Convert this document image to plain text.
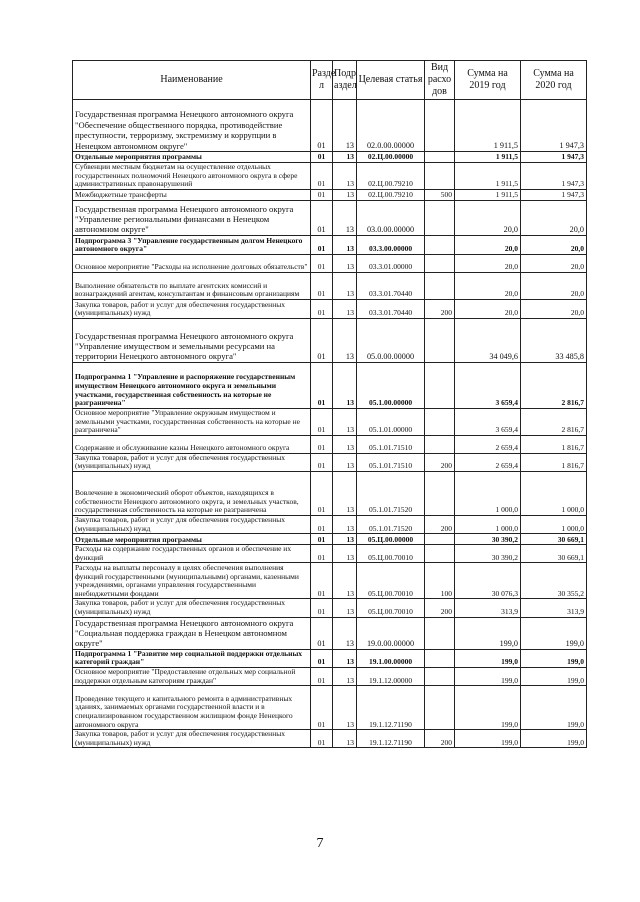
Наименование	Разде л	Подр аздел	Целевая статья	Вид расхо дов	Сумма на 2019 год	Сумма на 2020 год
Государственная программа Ненецкого автономного округа "Обеспечение общественного порядка, противодействие преступности, терроризму, экстремизму и коррупции в Ненецком автономном округе"	01	13	02.0.00.00000		1 911,5	1 947,3
Отдельные мероприятия программы	01	13	02.Ц.00.00000		1 911,5	1 947,3
Субвенции местным бюджетам на осуществление отдельных государственных полномочий Ненецкого автономного округа в сфере административных правонарушений	01	13	02.Ц.00.79210		1 911,5	1 947,3
Межбюджетные трансферты	01	13	02.Ц.00.79210	500	1 911,5	1 947,3
Государственная программа Ненецкого автономного округа "Управление региональными финансами в Ненецком автономном округе"	01	13	03.0.00.00000		20,0	20,0
Подпрограмма 3 "Управление государственным долгом Ненецкого автономного округа"	01	13	03.3.00.00000		20,0	20,0
Основное мероприятие "Расходы на исполнение долговых обязательств"	01	13	03.3.01.00000		20,0	20,0
Выполнение обязательств по выплате агентских комиссий и вознаграждений агентам, консультантам и финансовым организациям	01	13	03.3.01.70440		20,0	20,0
Закупка товаров, работ и услуг для обеспечения государственных (муниципальных) нужд	01	13	03.3.01.70440	200	20,0	20,0
Государственная программа Ненецкого автономного округа "Управление имуществом и земельными ресурсами на территории Ненецкого автономного округа"	01	13	05.0.00.00000		34 049,6	33 485,8
Подпрограмма 1 "Управление и распоряжение государственным имуществом Ненецкого автономного округа и земельными участками, государственная собственность на которые не разграничена"	01	13	05.1.00.00000		3 659,4	2 816,7
Основное мероприятие "Управление окружным имуществом и земельными участками, государственная собственность на которые не разграничена"	01	13	05.1.01.00000		3 659,4	2 816,7
Содержание и обслуживание казны Ненецкого автономного округа	01	13	05.1.01.71510		2 659,4	1 816,7
Закупка товаров, работ и услуг для обеспечения государственных (муниципальных) нужд	01	13	05.1.01.71510	200	2 659,4	1 816,7
Вовлечение в экономический оборот объектов, находящихся в собственности Ненецкого автономного округа, и земельных участков, государственная собственность на которые не разграничена	01	13	05.1.01.71520		1 000,0	1 000,0
Закупка товаров, работ и услуг для обеспечения государственных (муниципальных) нужд	01	13	05.1.01.71520	200	1 000,0	1 000,0
Отдельные мероприятия программы	01	13	05.Ц.00.00000		30 390,2	30 669,1
Расходы на содержание государственных органов и обеспечение их функций	01	13	05.Ц.00.70010		30 390,2	30 669,1
Расходы на выплаты персоналу в целях обеспечения выполнения функций государственными (муниципальными) органами, казенными учреждениями, органами управления государственными внебюджетными фондами	01	13	05.Ц.00.70010	100	30 076,3	30 355,2
Закупка товаров, работ и услуг для обеспечения государственных (муниципальных) нужд	01	13	05.Ц.00.70010	200	313,9	313,9
Государственная программа Ненецкого автономного округа "Социальная поддержка граждан в Ненецком автономном округе"	01	13	19.0.00.00000		199,0	199,0
Подпрограмма 1 "Развитие мер социальной поддержки отдельных категорий граждан"	01	13	19.1.00.00000		199,0	199,0
Основное мероприятие "Предоставление отдельных мер социальной поддержки отдельным категориям граждан"	01	13	19.1.12.00000		199,0	199,0
Проведение текущего и капитального ремонта в административных зданиях, занимаемых органами государственной власти и в специализированном государственном жилищном фонде Ненецкого автономного округа	01	13	19.1.12.71190		199,0	199,0
Закупка товаров, работ и услуг для обеспечения государственных (муниципальных) нужд	01	13	19.1.12.71190	200	199,0	199,0
7
